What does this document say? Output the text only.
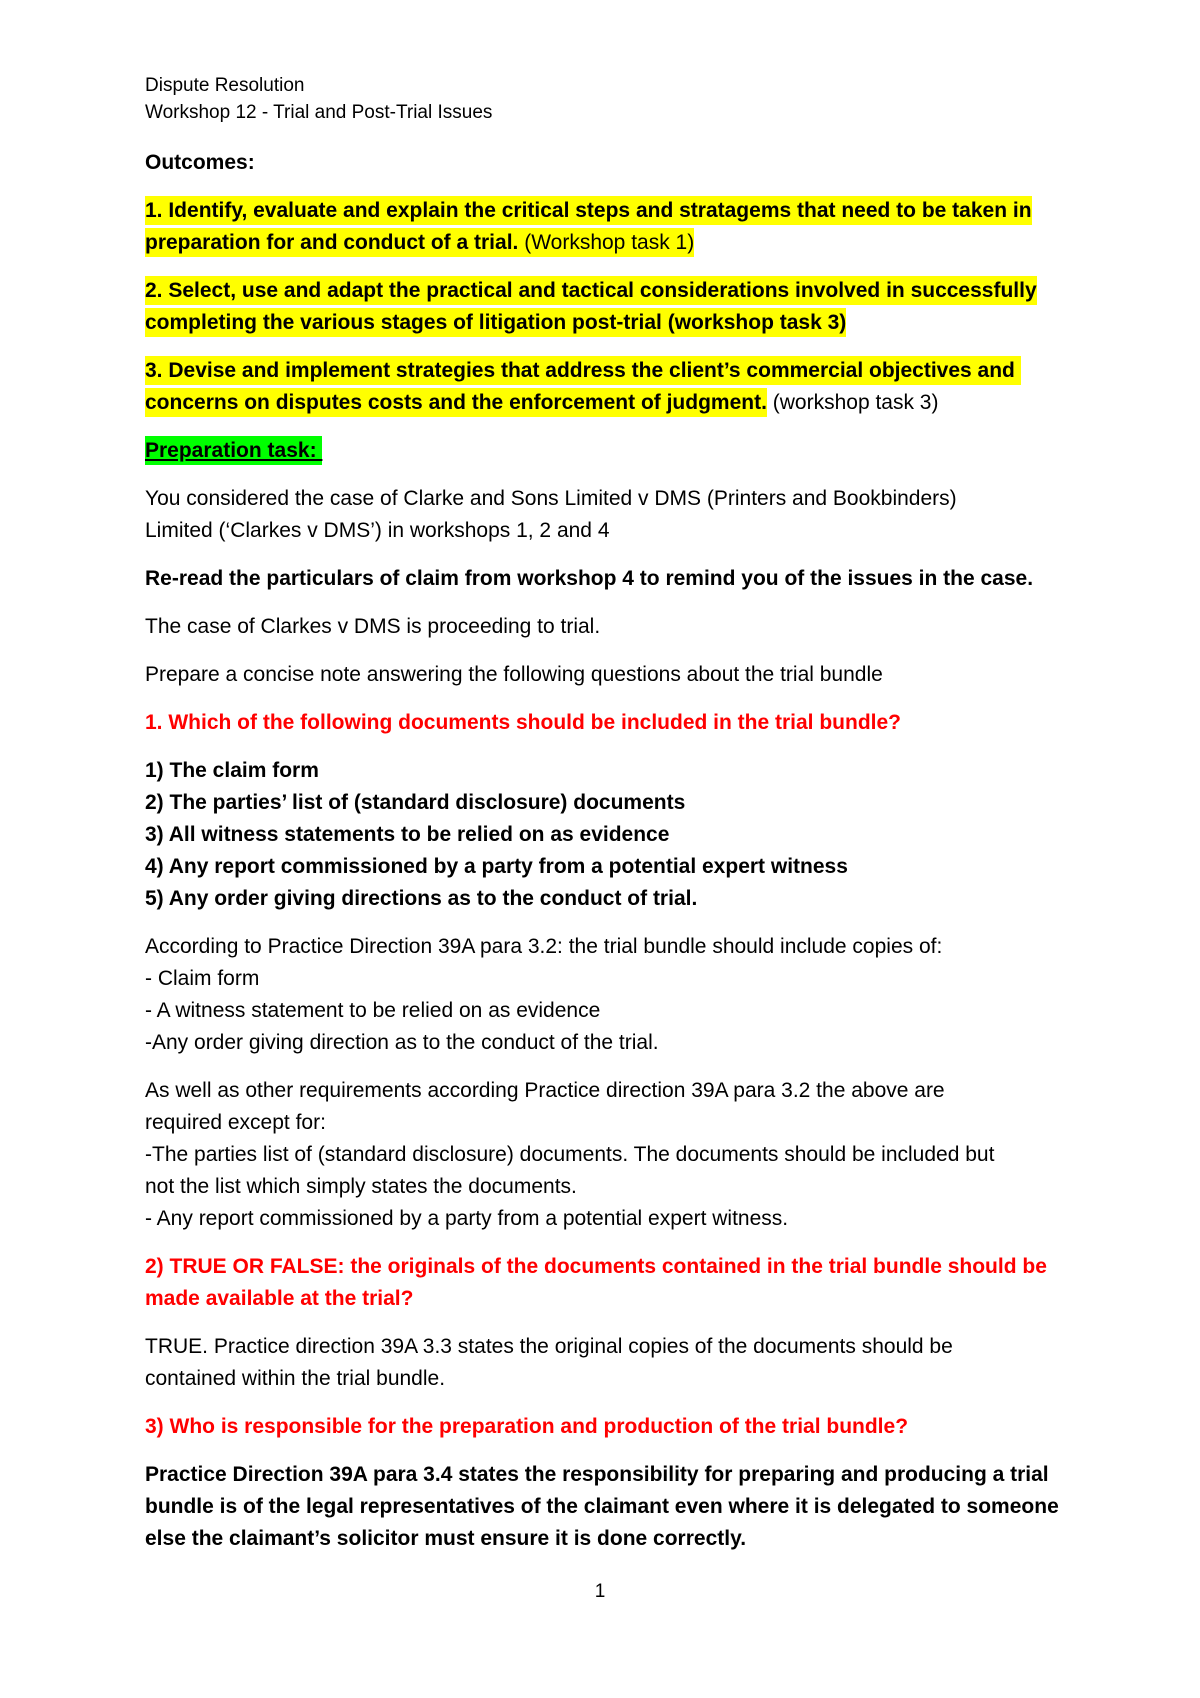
Dispute Resolution
Workshop 12 - Trial and Post-Trial Issues

Outcomes:

1. Identify, evaluate and explain the critical steps and stratagems that need to be taken in
preparation for and conduct of a trial. (Workshop task 1)

2. Select, use and adapt the practical and tactical considerations involved in successfully
completing the various stages of litigation post-trial (workshop task 3)

3. Devise and implement strategies that address the client’s commercial objectives and
concerns on disputes costs and the enforcement of judgment. (workshop task 3)

Preparation task:

You considered the case of Clarke and Sons Limited v DMS (Printers and Bookbinders)
Limited (‘Clarkes v DMS’) in workshops 1, 2 and 4

Re-read the particulars of claim from workshop 4 to remind you of the issues in the case.

The case of Clarkes v DMS is proceeding to trial.

Prepare a concise note answering the following questions about the trial bundle

1. Which of the following documents should be included in the trial bundle?

1) The claim form
2) The parties’ list of (standard disclosure) documents
3) All witness statements to be relied on as evidence
4) Any report commissioned by a party from a potential expert witness
5) Any order giving directions as to the conduct of trial.

According to Practice Direction 39A para 3.2: the trial bundle should include copies of:
- Claim form
- A witness statement to be relied on as evidence
-Any order giving direction as to the conduct of the trial.

As well as other requirements according Practice direction 39A para 3.2 the above are
required except for:
-The parties list of (standard disclosure) documents. The documents should be included but
not the list which simply states the documents.
- Any report commissioned by a party from a potential expert witness.

2) TRUE OR FALSE: the originals of the documents contained in the trial bundle should be
made available at the trial?

TRUE. Practice direction 39A 3.3 states the original copies of the documents should be
contained within the trial bundle.

3) Who is responsible for the preparation and production of the trial bundle?

Practice Direction 39A para 3.4 states the responsibility for preparing and producing a trial
bundle is of the legal representatives of the claimant even where it is delegated to someone
else the claimant’s solicitor must ensure it is done correctly.

1
